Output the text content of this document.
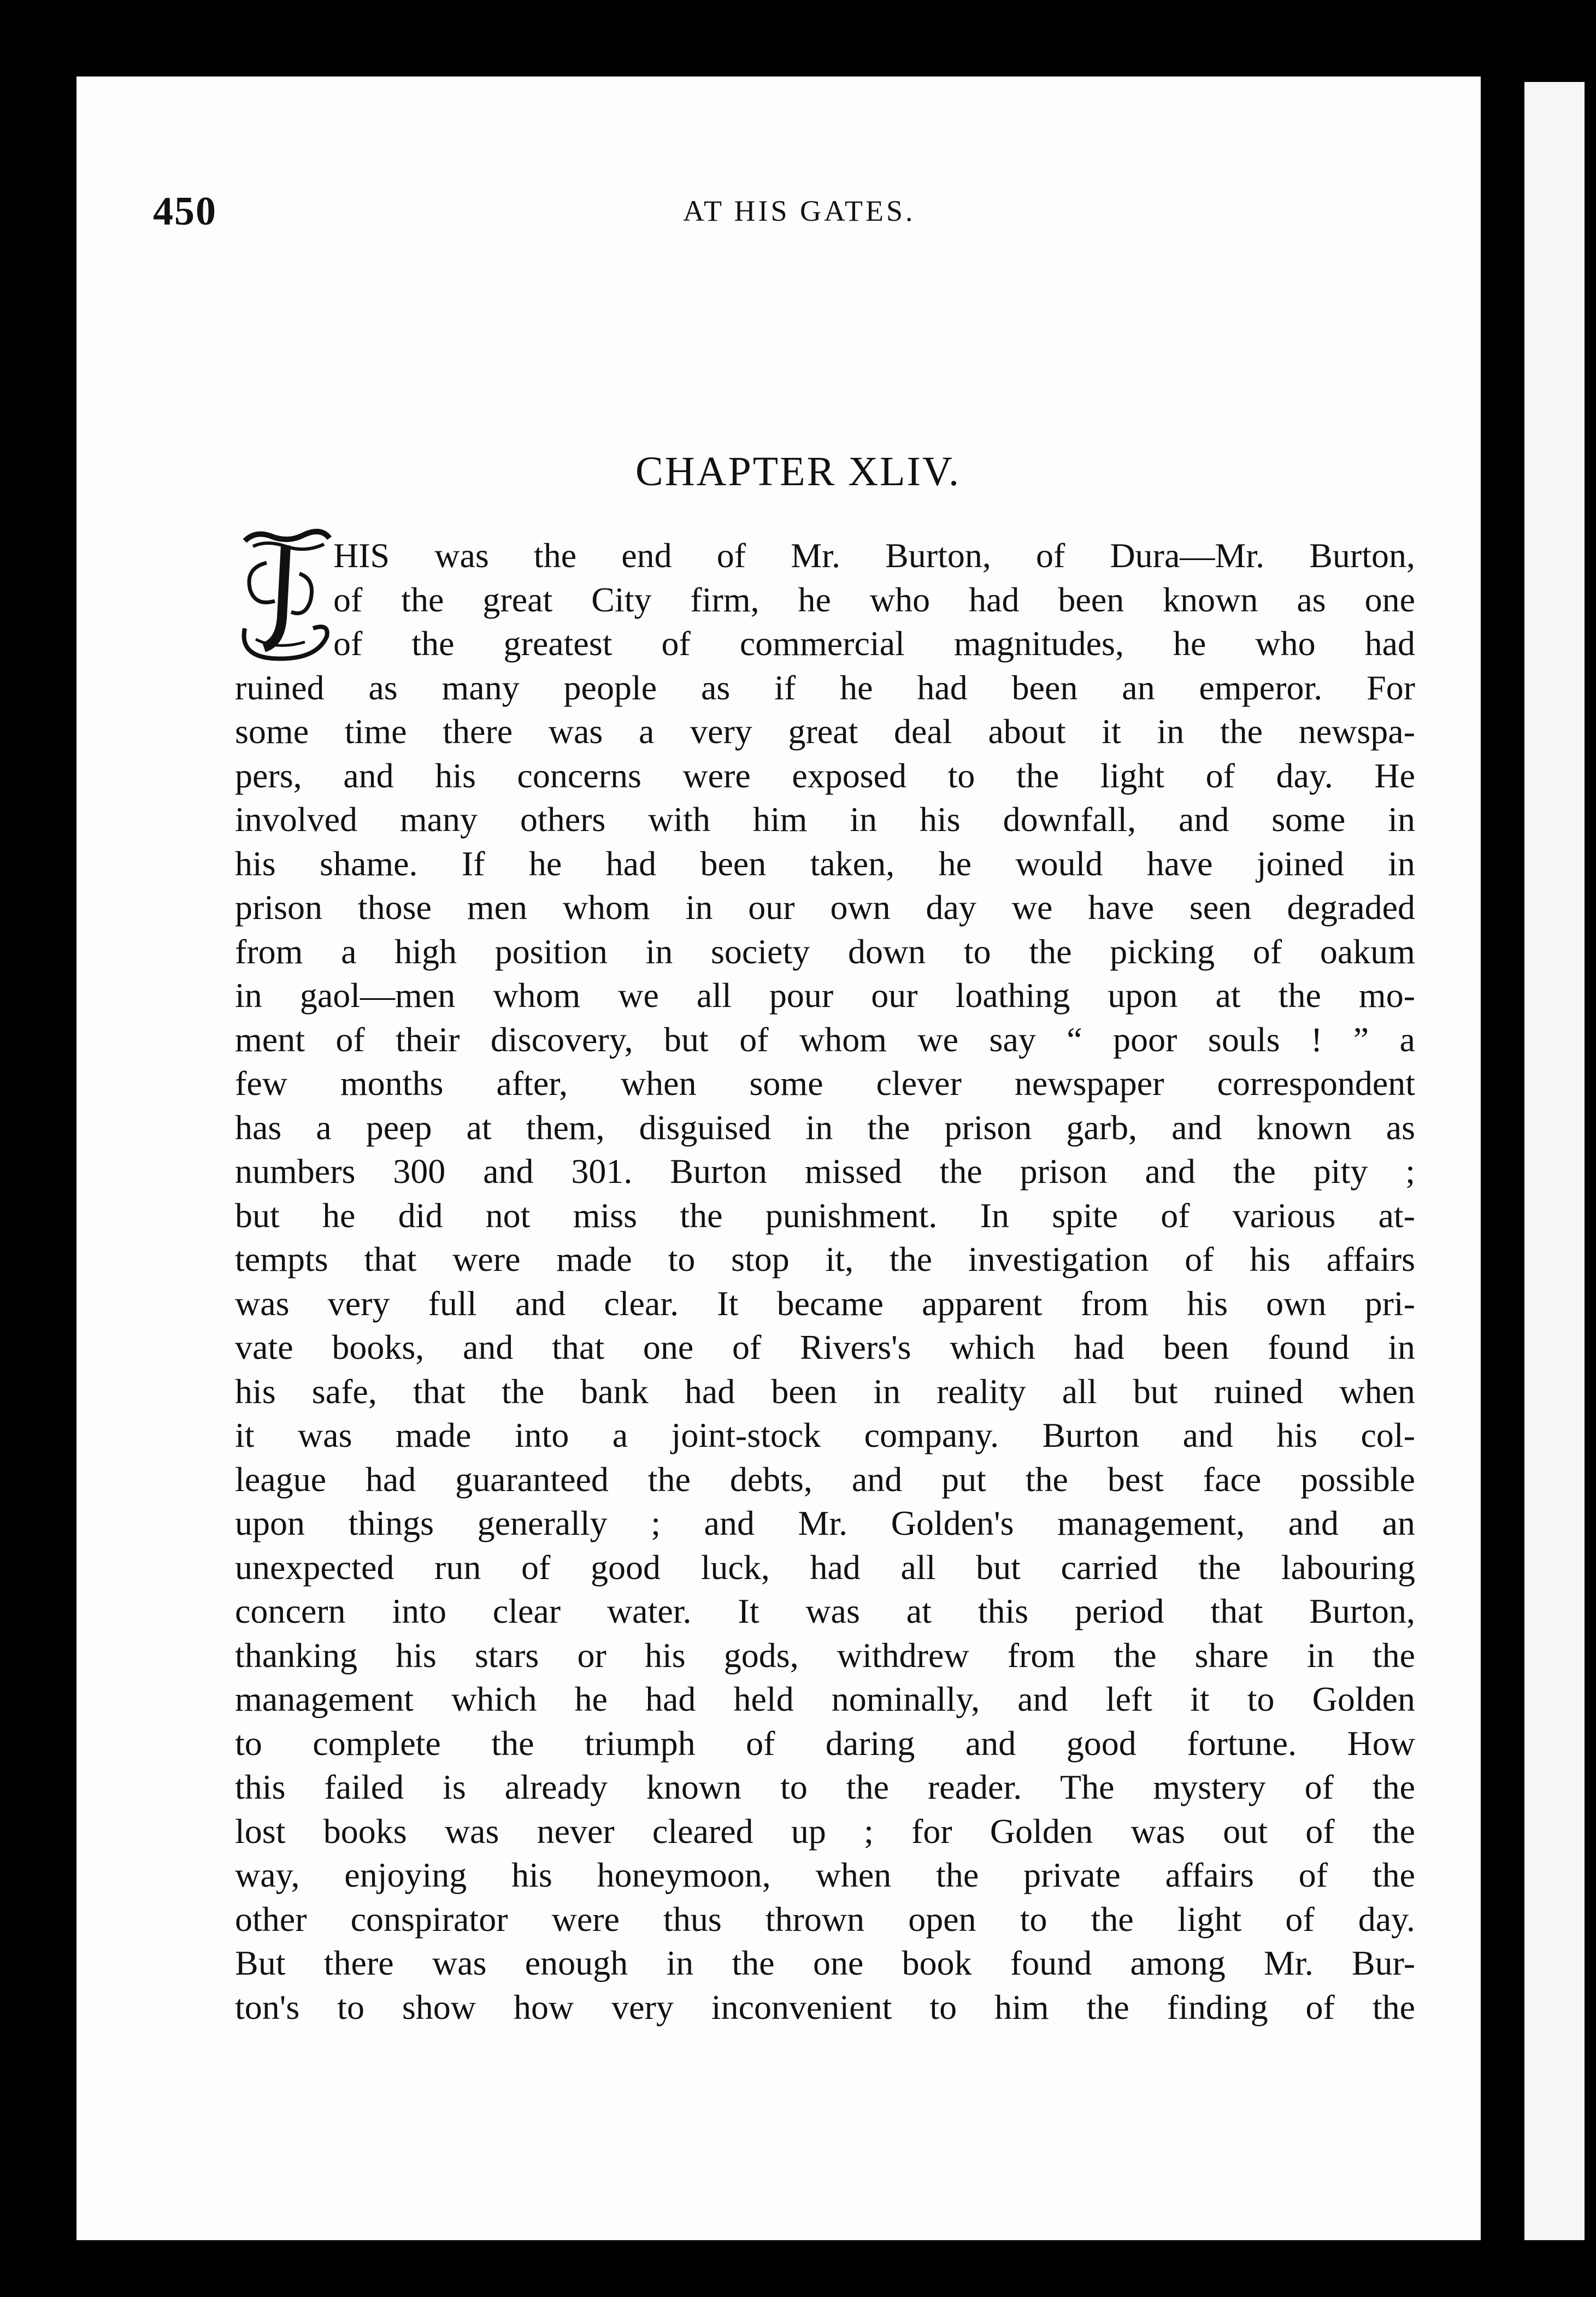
450	AT HIS GATES.
CHAPTER XLIV.
HIS was the end of Mr. Burton, of Dura—Mr. Burton,
of the great City firm, he who had been known as one
of the greatest of commercial magnitudes, he who had
ruined as many people as if he had been an emperor. For
some time there was a very great deal about it in the newspa-
pers, and his concerns were exposed to the light of day. He
involved many others with him in his downfall, and some in
his shame. If he had been taken, he would have joined in
prison those men whom in our own day we have seen degraded
from a high position in society down to the picking of oakum
in gaol—men whom we all pour our loathing upon at the mo-
ment of their discovery, but of whom we say “ poor souls ! ” a
few months after, when some clever newspaper correspondent
has a peep at them, disguised in the prison garb, and known as
numbers 300 and 301. Burton missed the prison and the pity ;
but he did not miss the punishment. In spite of various at-
tempts that were made to stop it, the investigation of his affairs
was very full and clear. It became apparent from his own pri-
vate books, and that one of Rivers's which had been found in
his safe, that the bank had been in reality all but ruined when
it was made into a joint-stock company. Burton and his col-
league had guaranteed the debts, and put the best face possible
upon things generally ; and Mr. Golden's management, and an
unexpected run of good luck, had all but carried the labouring
concern into clear water. It was at this period that Burton,
thanking his stars or his gods, withdrew from the share in the
management which he had held nominally, and left it to Golden
to complete the triumph of daring and good fortune. How
this failed is already known to the reader. The mystery of the
lost books was never cleared up ; for Golden was out of the
way, enjoying his honeymoon, when the private affairs of the
other conspirator were thus thrown open to the light of day.
But there was enough in the one book found among Mr. Bur-
ton's to show how very inconvenient to him the finding of the
